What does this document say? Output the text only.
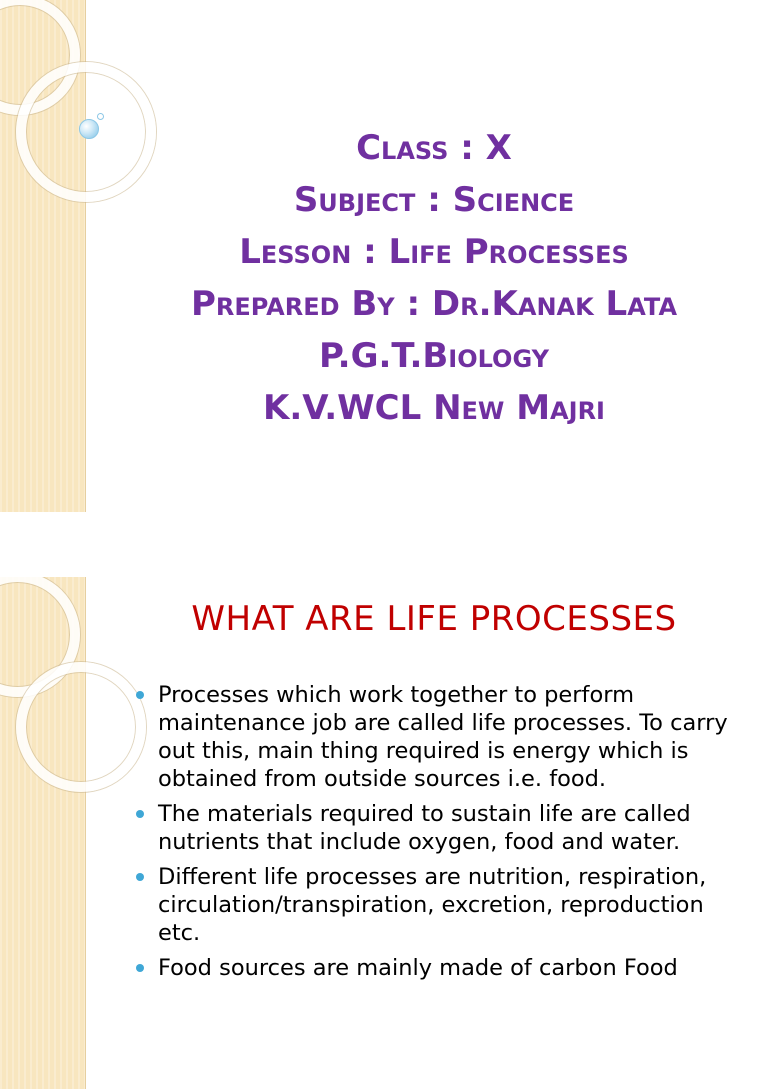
Class : X
Subject : Science
Lesson : Life Processes
Prepared By : Dr.Kanak Lata
P.G.T.Biology
K.V.WCL New Majri
WHAT ARE LIFE PROCESSES
Processes which work together to perform maintenance job are called life processes. To carry out this, main thing required is energy which is obtained from outside sources i.e. food.
The materials required to sustain life are called nutrients that include oxygen, food and water.
Different life processes are nutrition, respiration, circulation/transpiration, excretion, reproduction etc.
Food sources are mainly made of carbon Food
